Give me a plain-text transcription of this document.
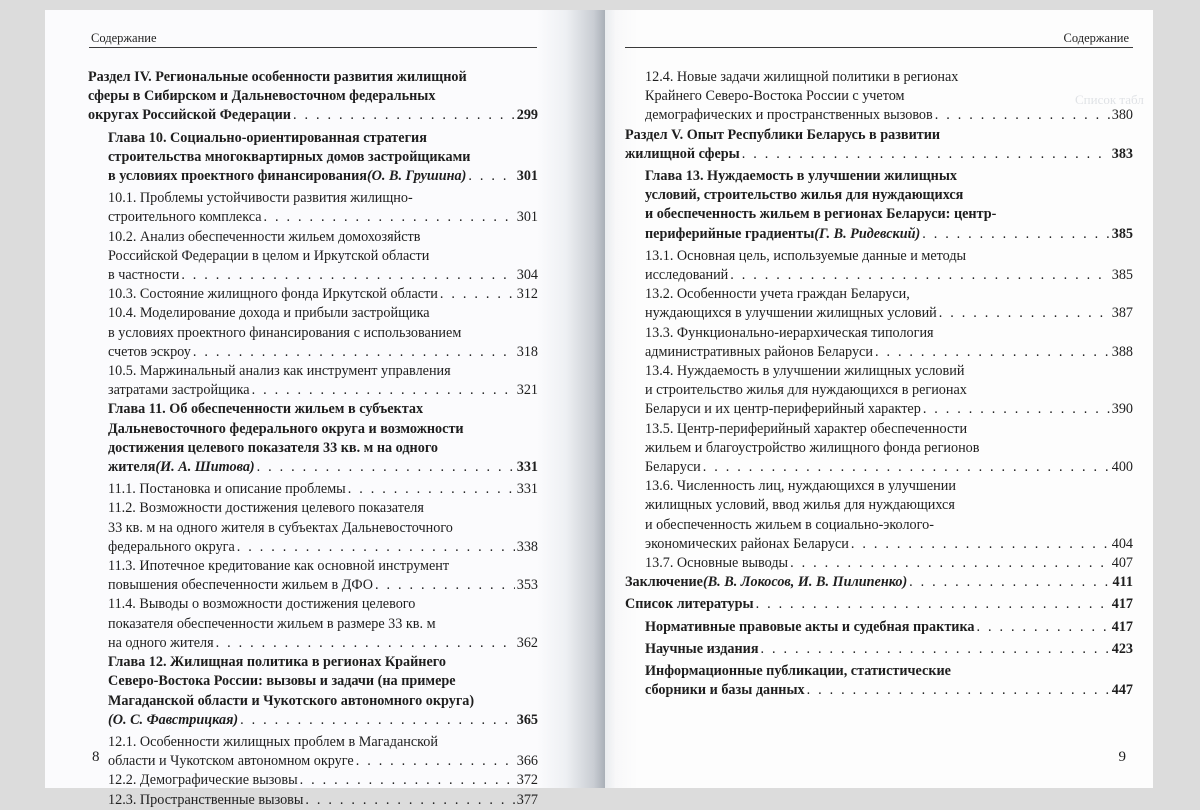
Содержание
Раздел IV. Региональные особенности развития жилищной
сферы в Сибирском и Дальневосточном федеральных
округах Российской Федерации . . .	299
Глава 10. Социально-ориентированная стратегия
строительства многоквартирных домов застройщиками
в условиях проектного финансирования (О. В. Грушина) . . .	301
10.1. Проблемы устойчивости развития жилищно-
строительного комплекса . . .	301
10.2. Анализ обеспеченности жильем домохозяйств
Российской Федерации в целом и Иркутской области
в частности . . .	304
10.3. Состояние жилищного фонда Иркутской области . . .	312
10.4. Моделирование дохода и прибыли застройщика
в условиях проектного финансирования с использованием
счетов эскроу . . .	318
10.5. Маржинальный анализ как инструмент управления
затратами застройщика . . .	321
Глава 11. Об обеспеченности жильем в субъектах
Дальневосточного федерального округа и возможности
достижения целевого показателя 33 кв. м на одного
жителя (И. А. Шитова) . . .	331
11.1. Постановка и описание проблемы . . .	331
11.2. Возможности достижения целевого показателя
33 кв. м на одного жителя в субъектах Дальневосточного
федерального округа . . .	338
11.3. Ипотечное кредитование как основной инструмент
повышения обеспеченности жильем в ДФО . . .	353
11.4. Выводы о возможности достижения целевого
показателя обеспеченности жильем в размере 33 кв. м
на одного жителя . . .	362
Глава 12. Жилищная политика в регионах Крайнего
Северо-Востока России: вызовы и задачи (на примере
Магаданской области и Чукотского автономного округа)
(О. С. Фавстрицкая) . . .	365
12.1. Особенности жилищных проблем в Магаданской
области и Чукотском автономном округе . . .	366
12.2. Демографические вызовы . . .	372
12.3. Пространственные вызовы . . .	377
8
Список табл
Содержание
12.4. Новые задачи жилищной политики в регионах
Крайнего Северо-Востока России с учетом
демографических и пространственных вызовов . . .	380
Раздел V. Опыт Республики Беларусь в развитии
жилищной сферы . . .	383
Глава 13. Нуждаемость в улучшении жилищных
условий, строительство жилья для нуждающихся
и обеспеченность жильем в регионах Беларуси: центр-
периферийные градиенты (Г. В. Ридевский) . . .	385
13.1. Основная цель, используемые данные и методы
исследований . . .	385
13.2. Особенности учета граждан Беларуси,
нуждающихся в улучшении жилищных условий . . .	387
13.3. Функционально-иерархическая типология
административных районов Беларуси . . .	388
13.4. Нуждаемость в улучшении жилищных условий
и строительство жилья для нуждающихся в регионах
Беларуси и их центр-периферийный характер . . .	390
13.5. Центр-периферийный характер обеспеченности
жильем и благоустройство жилищного фонда регионов
Беларуси . . .	400
13.6. Численность лиц, нуждающихся в улучшении
жилищных условий, ввод жилья для нуждающихся
и обеспеченность жильем в социально-эколого-
экономических районах Беларуси . . .	404
13.7. Основные выводы . . .	407
Заключение (В. В. Локосов, И. В. Пилипенко) . . .	411
Список литературы . . .	417
Нормативные правовые акты и судебная практика . . .	417
Научные издания . . .	423
Информационные публикации, статистические
сборники и базы данных . . .	447
9
